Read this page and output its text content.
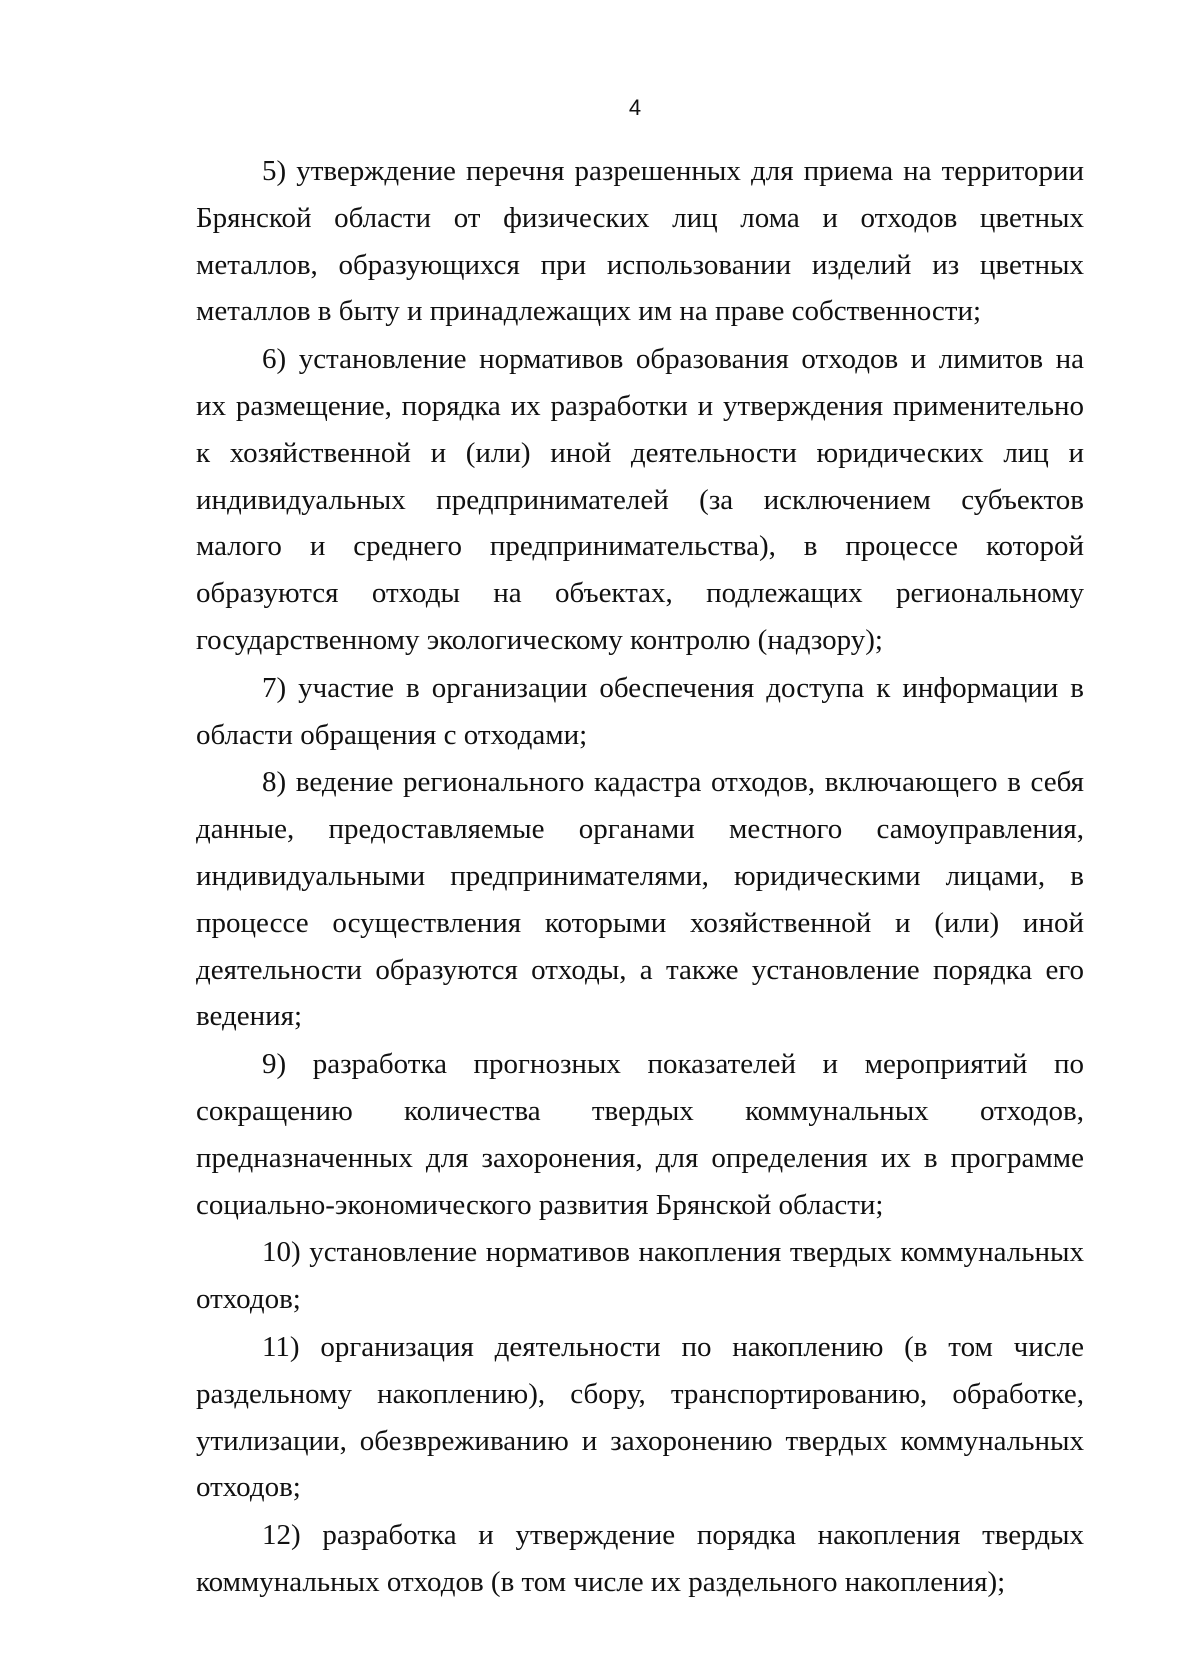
4

5) утверждение перечня разрешенных для приема на территории Брянской области от физических лиц лома и отходов цветных металлов, образующихся при использовании изделий из цветных металлов в быту и принадлежащих им на праве собственности;

6) установление нормативов образования отходов и лимитов на их размещение, порядка их разработки и утверждения применительно к хозяйственной и (или) иной деятельности юридических лиц и индивидуальных предпринимателей (за исключением субъектов малого и среднего предпринимательства), в процессе которой образуются отходы на объектах, подлежащих региональному государственному экологическому контролю (надзору);

7) участие в организации обеспечения доступа к информации в области обращения с отходами;

8) ведение регионального кадастра отходов, включающего в себя данные, предоставляемые органами местного самоуправления, индивидуальными предпринимателями, юридическими лицами, в процессе осуществления которыми хозяйственной и (или) иной деятельности образуются отходы, а также установление порядка его ведения;

9) разработка прогнозных показателей и мероприятий по сокращению количества твердых коммунальных отходов, предназначенных для захоронения, для определения их в программе социально-экономического развития Брянской области;

10) установление нормативов накопления твердых коммунальных отходов;

11) организация деятельности по накоплению (в том числе раздельному накоплению), сбору, транспортированию, обработке, утилизации, обезвреживанию и захоронению твердых коммунальных отходов;

12) разработка и утверждение порядка накопления твердых коммунальных отходов (в том числе их раздельного накопления);
